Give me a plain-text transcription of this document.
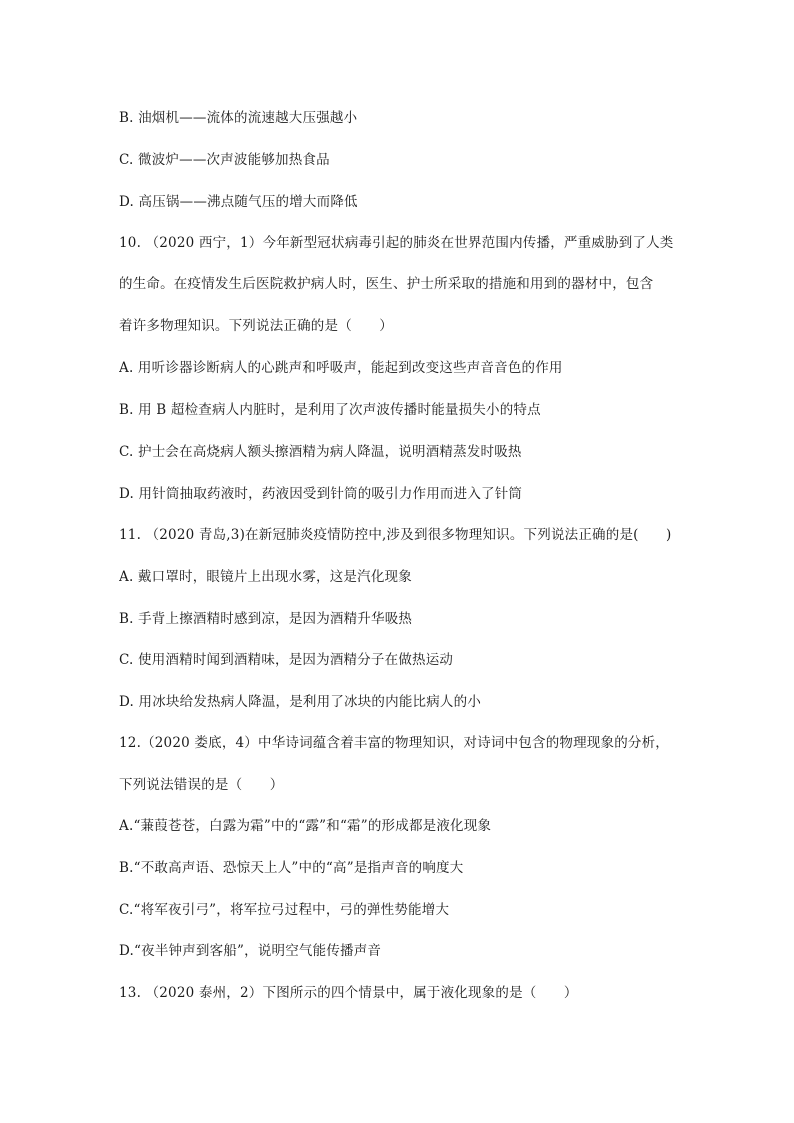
B. 油烟机——流体的流速越大压强越小
C. 微波炉——次声波能够加热食品
D. 高压锅——沸点随气压的增大而降低
10. （2020 西宁，1）今年新型冠状病毒引起的肺炎在世界范围内传播，严重威胁到了人类
的生命。在疫情发生后医院救护病人时，医生、护士所采取的措施和用到的器材中，包含
着许多物理知识。下列说法正确的是（　　）
A. 用听诊器诊断病人的心跳声和呼吸声，能起到改变这些声音音色的作用
B. 用 B 超检查病人内脏时，是利用了次声波传播时能量损失小的特点
C. 护士会在高烧病人额头擦酒精为病人降温，说明酒精蒸发时吸热
D. 用针筒抽取药液时，药液因受到针筒的吸引力作用而进入了针筒
11. （2020 青岛,3)在新冠肺炎疫情防控中,涉及到很多物理知识。下列说法正确的是(　　)
A. 戴口罩时，眼镜片上出现水雾，这是汽化现象
B. 手背上擦酒精时感到凉，是因为酒精升华吸热
C. 使用酒精时闻到酒精味，是因为酒精分子在做热运动
D. 用冰块给发热病人降温，是利用了冰块的内能比病人的小
12.（2020 娄底，4）中华诗词蕴含着丰富的物理知识，对诗词中包含的物理现象的分析，
下列说法错误的是（　　）
A.“蒹葭苍苍，白露为霜”中的“露”和“霜”的形成都是液化现象
B.“不敢高声语、恐惊天上人”中的“高”是指声音的响度大
C.“将军夜引弓”，将军拉弓过程中，弓的弹性势能增大
D.“夜半钟声到客船”，说明空气能传播声音
13. （2020 泰州，2）下图所示的四个情景中，属于液化现象的是（　　）
